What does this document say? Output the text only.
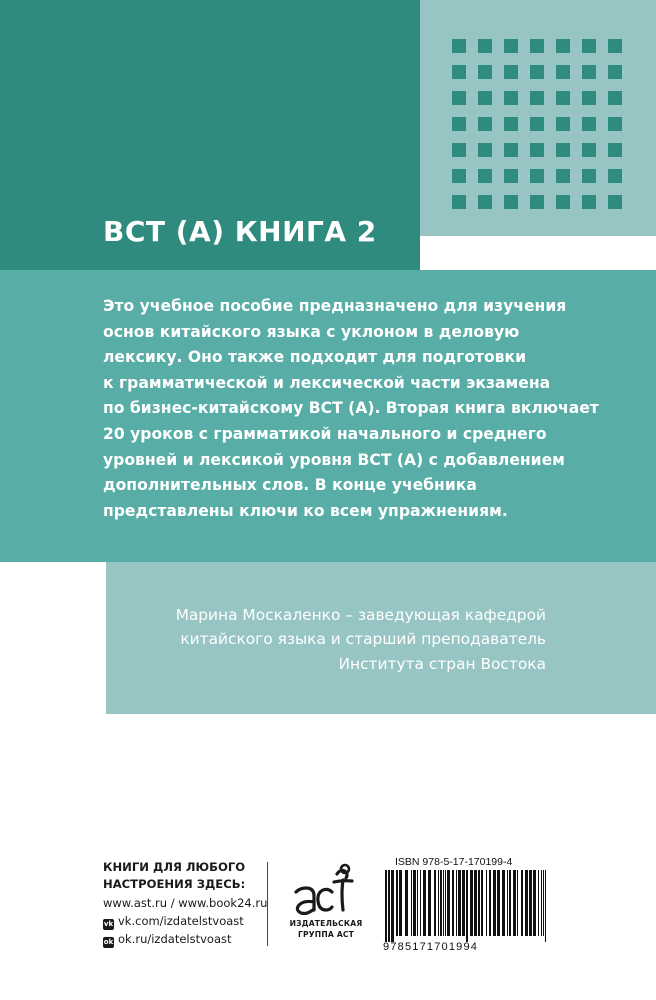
BCT (A) КНИГА 2
Это учебное пособие предназначено для изучения
основ китайского языка с уклоном в деловую
лексику. Оно также подходит для подготовки
к грамматической и лексической части экзамена
по бизнес-китайскому BCT (A). Вторая книга включает
20 уроков с грамматикой начального и среднего
уровней и лексикой уровня BCT (A) с добавлением
дополнительных слов. В конце учебника
представлены ключи ко всем упражнениям.
Марина Москаленко – заведующая кафедрой
китайского языка и старший преподаватель
Института стран Востока
КНИГИ ДЛЯ ЛЮБОГО
НАСТРОЕНИЯ ЗДЕСЬ:
www.ast.ru / www.book24.ru
vk vk.com/izdatelstvoast
ok ok.ru/izdatelstvoast
ИЗДАТЕЛЬСКАЯ
ГРУППА АСТ
ISBN 978-5-17-170199-4
9785171701994
